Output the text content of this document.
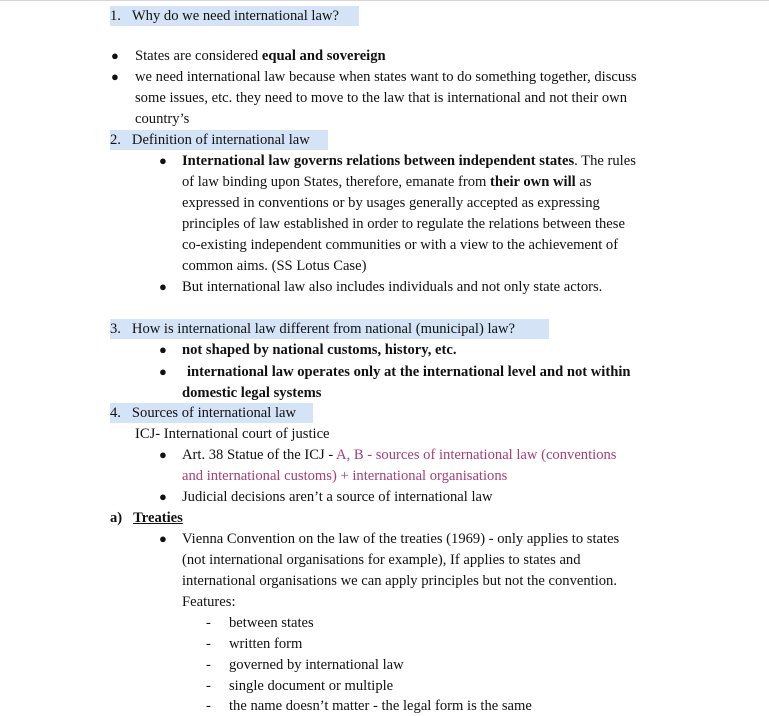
1. Why do we need international law?
● States are considered equal and sovereign
● we need international law because when states want to do something together, discuss
some issues, etc. they need to move to the law that is international and not their own
country’s
2. Definition of international law
● International law governs relations between independent states. The rules
of law binding upon States, therefore, emanate from their own will as
expressed in conventions or by usages generally accepted as expressing
principles of law established in order to regulate the relations between these
co-existing independent communities or with a view to the achievement of
common aims. (SS Lotus Case)
● But international law also includes individuals and not only state actors.
3. How is international law different from national (municipal) law?
● not shaped by national customs, history, etc.
● international law operates only at the international level and not within
domestic legal systems
4. Sources of international law
ICJ- International court of justice
● Art. 38 Statue of the ICJ - A, B - sources of international law (conventions
and international customs) + international organisations
● Judicial decisions aren’t a source of international law
a) Treaties
● Vienna Convention on the law of the treaties (1969) - only applies to states
(not international organisations for example), If applies to states and
international organisations we can apply principles but not the convention.
Features:
- between states
- written form
- governed by international law
- single document or multiple
- the name doesn’t matter - the legal form is the same
